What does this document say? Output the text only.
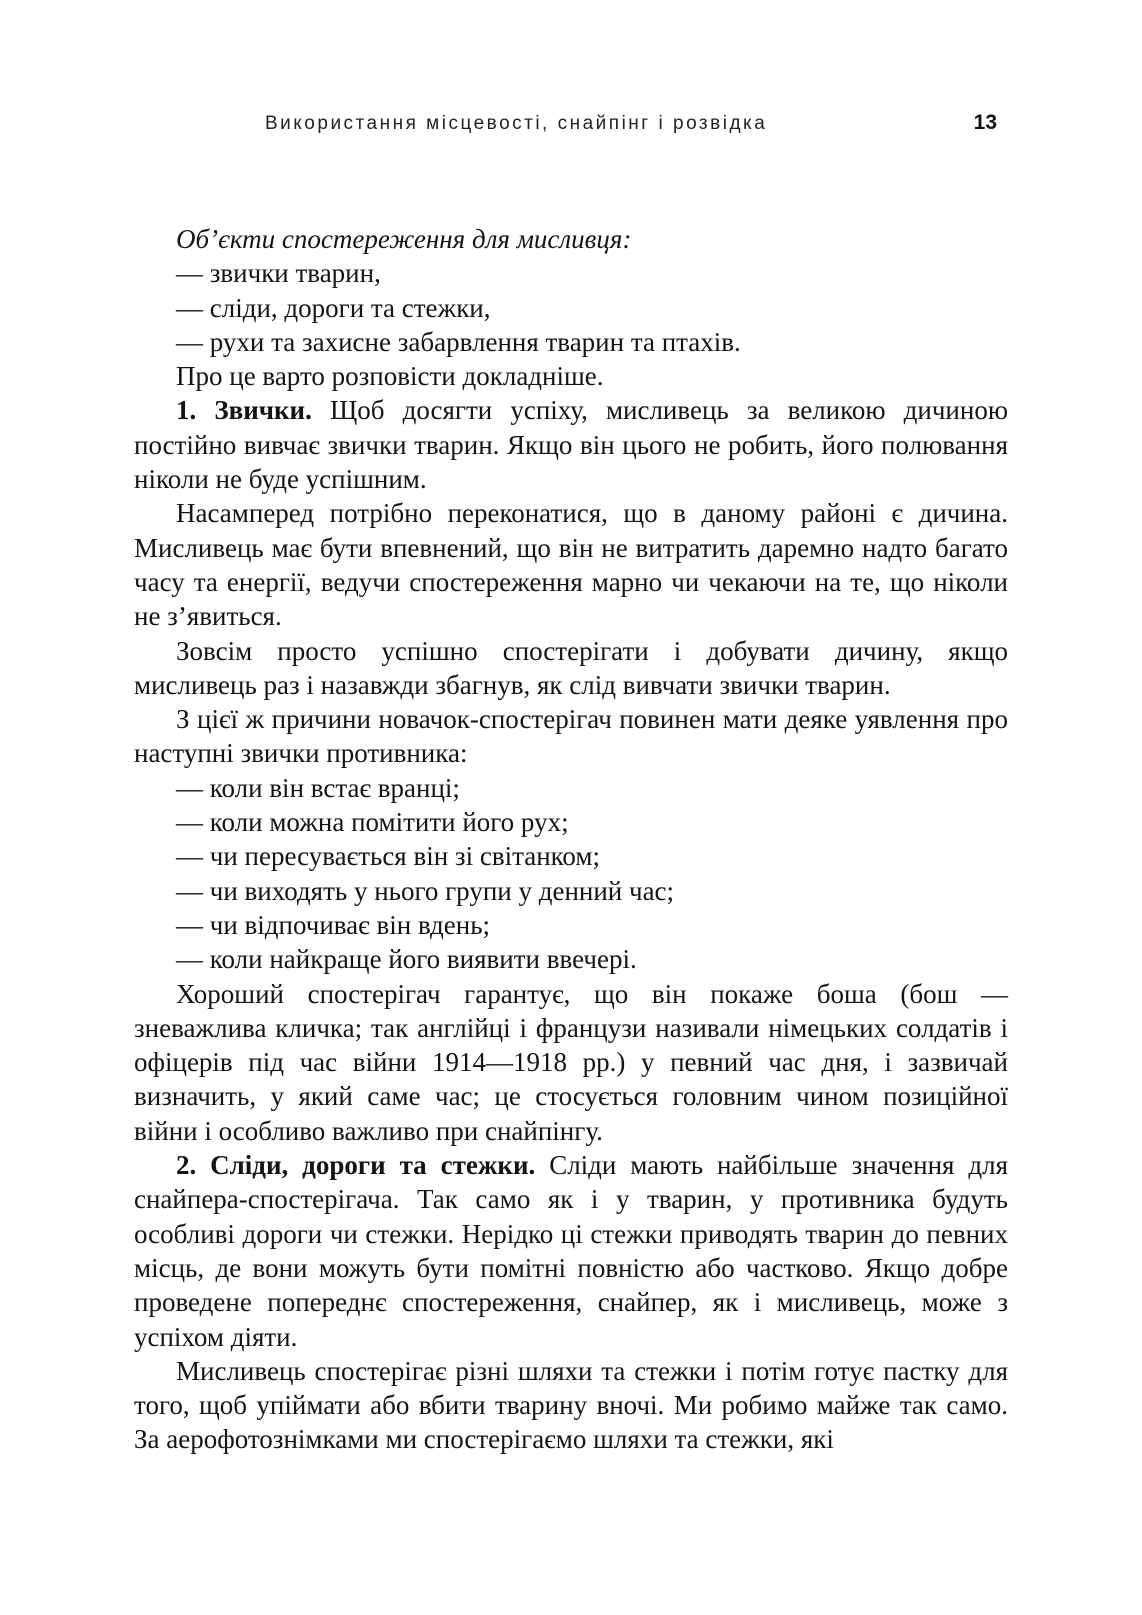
Використання місцевості, снайпінг і розвідка	13

Об’єкти спостереження для мисливця:

— звички тварин,

— сліди, дороги та стежки,

— рухи та захисне забарвлення тварин та птахів.

Про це варто розповісти докладніше.

1. Звички. Щоб досягти успіху, мисливець за великою дичиною постійно вивчає звички тварин. Якщо він цього не робить, його полювання ніколи не буде успішним.

Насамперед потрібно переконатися, що в даному районі є дичина. Мисливець має бути впевнений, що він не витратить даремно надто багато часу та енергії, ведучи спостереження марно чи чекаючи на те, що ніколи не з’явиться.

Зовсім просто успішно спостерігати і добувати дичину, якщо мисливець раз і назавжди збагнув, як слід вивчати звички тварин.

З цієї ж причини новачок-спостерігач повинен мати деяке уявлення про наступні звички противника:

— коли він встає вранці;

— коли можна помітити його рух;

— чи пересувається він зі світанком;

— чи виходять у нього групи у денний час;

— чи відпочиває він вдень;

— коли найкраще його виявити ввечері.

Хороший спостерігач гарантує, що він покаже боша (бош — зневажлива кличка; так англійці і французи називали німецьких солдатів і офіцерів під час війни 1914—1918 рр.) у певний час дня, і зазвичай визначить, у який саме час; це стосується головним чином позиційної війни і особливо важливо при снайпінгу.

2. Сліди, дороги та стежки. Сліди мають найбільше значення для снайпера-спостерігача. Так само як і у тварин, у противника будуть особливі дороги чи стежки. Нерідко ці стежки приводять тварин до певних місць, де вони можуть бути помітні повністю або частково. Якщо добре проведене попереднє спостереження, снайпер, як і мисливець, може з успіхом діяти.

Мисливець спостерігає різні шляхи та стежки і потім готує пастку для того, щоб упіймати або вбити тварину вночі. Ми робимо майже так само. За аерофотознімками ми спостерігаємо шляхи та стежки, які
